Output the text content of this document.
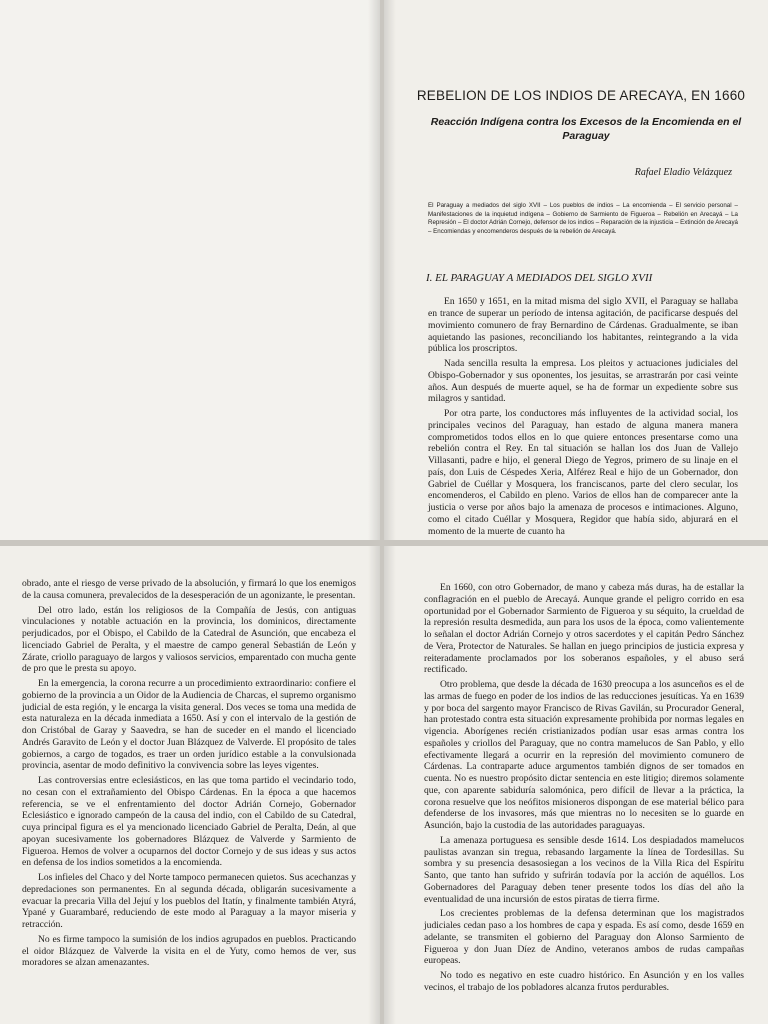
REBELION DE LOS INDIOS DE ARECAYA, EN 1660
Reacción Indígena contra los Excesos de la Encomienda en el Paraguay
Rafael Eladio Velázquez
El Paraguay a mediados del siglo XVII – Los pueblos de indios – La encomienda – El servicio personal – Manifestaciones de la inquietud indígena – Gobierno de Sarmiento de Figueroa – Rebelión en Arecayá – La Represión – El doctor Adrián Cornejo, defensor de los indios – Reparación de la injusticia – Extinción de Arecayá – Encomiendas y encomenderos después de la rebelión de Arecayá.
I. EL PARAGUAY A MEDIADOS DEL SIGLO XVII

En 1650 y 1651, en la mitad misma del siglo XVII, el Paraguay se hallaba en trance de superar un período de intensa agitación, de pacificarse después del movimiento comunero de fray Bernardino de Cárdenas. Gradualmente, se iban aquietando las pasiones, reconciliando los habitantes, reintegrando a la vida pública los proscriptos.

Nada sencilla resulta la empresa. Los pleitos y actuaciones judiciales del Obispo-Gobernador y sus oponentes, los jesuitas, se arrastrarán por casi veinte años. Aun después de muerte aquel, se ha de formar un expediente sobre sus milagros y santidad.

Por otra parte, los conductores más influyentes de la actividad social, los principales vecinos del Paraguay, han estado de alguna manera manera comprometidos todos ellos en lo que quiere entonces presentarse como una rebelión contra el Rey. En tal situación se hallan los dos Juan de Vallejo Villasanti, padre e hijo, el general Diego de Yegros, primero de su linaje en el país, don Luis de Céspedes Xeria, Alférez Real e hijo de un Gobernador, don Gabriel de Cuéllar y Mosquera, los franciscanos, parte del clero secular, los encomenderos, el Cabildo en pleno. Varios de ellos han de comparecer ante la justicia o verse por años bajo la amenaza de procesos e intimaciones. Alguno, como el citado Cuéllar y Mosquera, Regidor que había sido, abjurará en el momento de la muerte de cuanto ha

obrado, ante el riesgo de verse privado de la absolución, y firmará lo que los enemigos de la causa comunera, prevalecidos de la desesperación de un agonizante, le presentan.

Del otro lado, están los religiosos de la Compañía de Jesús, con antiguas vinculaciones y notable actuación en la provincia, los dominicos, directamente perjudicados, por el Obispo, el Cabildo de la Catedral de Asunción, que encabeza el licenciado Gabriel de Peralta, y el maestre de campo general Sebastián de León y Zárate, criollo paraguayo de largos y valiosos servicios, emparentado con mucha gente de pro que le presta su apoyo.

En la emergencia, la corona recurre a un procedimiento extraordinario: confiere el gobierno de la provincia a un Oidor de la Audiencia de Charcas, el supremo organismo judicial de esta región, y le encarga la visita general. Dos veces se toma una medida de esta naturaleza en la década inmediata a 1650. Así y con el intervalo de la gestión de don Cristóbal de Garay y Saavedra, se han de suceder en el mando el licenciado Andrés Garavito de León y el doctor Juan Blázquez de Valverde. El propósito de tales gobiernos, a cargo de togados, es traer un orden jurídico estable a la convulsionada provincia, asentar de modo definitivo la convivencia sobre las leyes vigentes.

Las controversias entre eclesiásticos, en las que toma partido el vecindario todo, no cesan con el extrañamiento del Obispo Cárdenas. En la época a que hacemos referencia, se ve el enfrentamiento del doctor Adrián Cornejo, Gobernador Eclesiástico e ignorado campeón de la causa del indio, con el Cabildo de su Catedral, cuya principal figura es el ya mencionado licenciado Gabriel de Peralta, Deán, al que apoyan sucesivamente los gobernadores Blázquez de Valverde y Sarmiento de Figueroa. Hemos de volver a ocuparnos del doctor Cornejo y de sus ideas y sus actos en defensa de los indios sometidos a la encomienda.

Los infieles del Chaco y del Norte tampoco permanecen quietos. Sus acechanzas y depredaciones son permanentes. En al segunda década, obligarán sucesivamente a evacuar la precaria Villa del Jejuí y los pueblos del Itatín, y finalmente también Atyrá, Ypané y Guarambaré, reduciendo de este modo al Paraguay a la mayor miseria y retracción.

No es firme tampoco la sumisión de los indios agrupados en pueblos. Practicando el oidor Blázquez de Valverde la visita en el de Yuty, como hemos de ver, sus moradores se alzan amenazantes.

En 1660, con otro Gobernador, de mano y cabeza más duras, ha de estallar la conflagración en el pueblo de Arecayá. Aunque grande el peligro corrido en esa oportunidad por el Gobernador Sarmiento de Figueroa y su séquito, la crueldad de la represión resulta desmedida, aun para los usos de la época, como valientemente lo señalan el doctor Adrián Cornejo y otros sacerdotes y el capitán Pedro Sánchez de Vera, Protector de Naturales. Se hallan en juego principios de justicia expresa y reiteradamente proclamados por los soberanos españoles, y el abuso será rectificado.

Otro problema, que desde la década de 1630 preocupa a los asunceños es el de las armas de fuego en poder de los indios de las reducciones jesuíticas. Ya en 1639 y por boca del sargento mayor Francisco de Rivas Gavilán, su Procurador General, han protestado contra esta situación expresamente prohibida por normas legales en vigencia. Aborígenes recién cristianizados podían usar esas armas contra los españoles y criollos del Paraguay, que no contra mamelucos de San Pablo, y ello efectivamente llegará a ocurrir en la represión del movimiento comunero de Cárdenas. La contraparte aduce argumentos también dignos de ser tomados en cuenta. No es nuestro propósito dictar sentencia en este litigio; diremos solamente que, con aparente sabiduría salomónica, pero difícil de llevar a la práctica, la corona resuelve que los neófitos misioneros dispongan de ese material bélico para defenderse de los invasores, más que mientras no lo necesiten se lo guarde en Asunción, bajo la custodia de las autoridades paraguayas.

La amenaza portuguesa es sensible desde 1614. Los despiadados mamelucos paulistas avanzan sin tregua, rebasando largamente la línea de Tordesillas. Su sombra y su presencia desasosiegan a los vecinos de la Villa Rica del Espíritu Santo, que tanto han sufrido y sufrirán todavía por la acción de aquéllos. Los Gobernadores del Paraguay deben tener presente todos los días del año la eventualidad de una incursión de estos piratas de tierra firme.

Los crecientes problemas de la defensa determinan que los magistrados judiciales cedan paso a los hombres de capa y espada. Es así como, desde 1659 en adelante, se transmiten el gobierno del Paraguay don Alonso Sarmiento de Figueroa y don Juan Díez de Andino, veteranos ambos de rudas campañas europeas.

No todo es negativo en este cuadro histórico. En Asunción y en los valles vecinos, el trabajo de los pobladores alcanza frutos perdurables.
